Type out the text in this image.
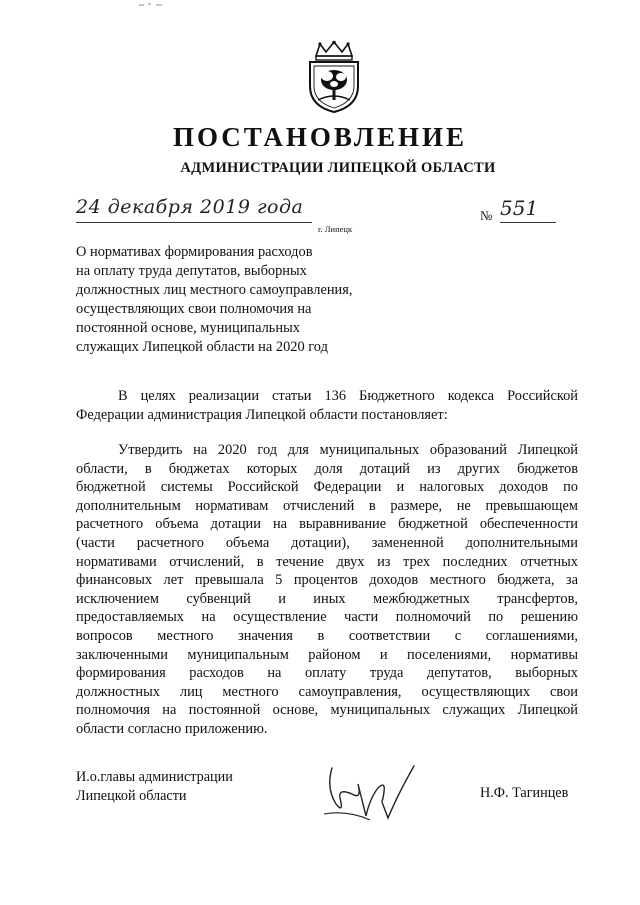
ПОСТАНОВЛЕНИЕ
АДМИНИСТРАЦИИ ЛИПЕЦКОЙ ОБЛАСТИ
24 декабря 2019 года
г. Липецк
№ 551
О нормативах формирования расходов
на оплату труда депутатов, выборных
должностных лиц местного самоуправления,
осуществляющих свои полномочия на
постоянной основе, муниципальных
служащих Липецкой области на 2020 год
В целях реализации статьи 136 Бюджетного кодекса Российской
Федерации администрация Липецкой области постановляет:
Утвердить на 2020 год для муниципальных образований Липецкой
области, в бюджетах которых доля дотаций из других бюджетов
бюджетной системы Российской Федерации и налоговых доходов по
дополнительным нормативам отчислений в размере, не превышающем
расчетного объема дотации на выравнивание бюджетной обеспеченности
(части расчетного объема дотации), замененной дополнительными
нормативами отчислений, в течение двух из трех последних отчетных
финансовых лет превышала 5 процентов доходов местного бюджета, за
исключением субвенций и иных межбюджетных трансфертов,
предоставляемых на осуществление части полномочий по решению
вопросов местного значения в соответствии с соглашениями,
заключенными муниципальным районом и поселениями, нормативы
формирования расходов на оплату труда депутатов, выборных
должностных лиц местного самоуправления, осуществляющих свои
полномочия на постоянной основе, муниципальных служащих Липецкой
области согласно приложению.
И.о.главы администрации
Липецкой области	Н.Ф. Тагинцев
